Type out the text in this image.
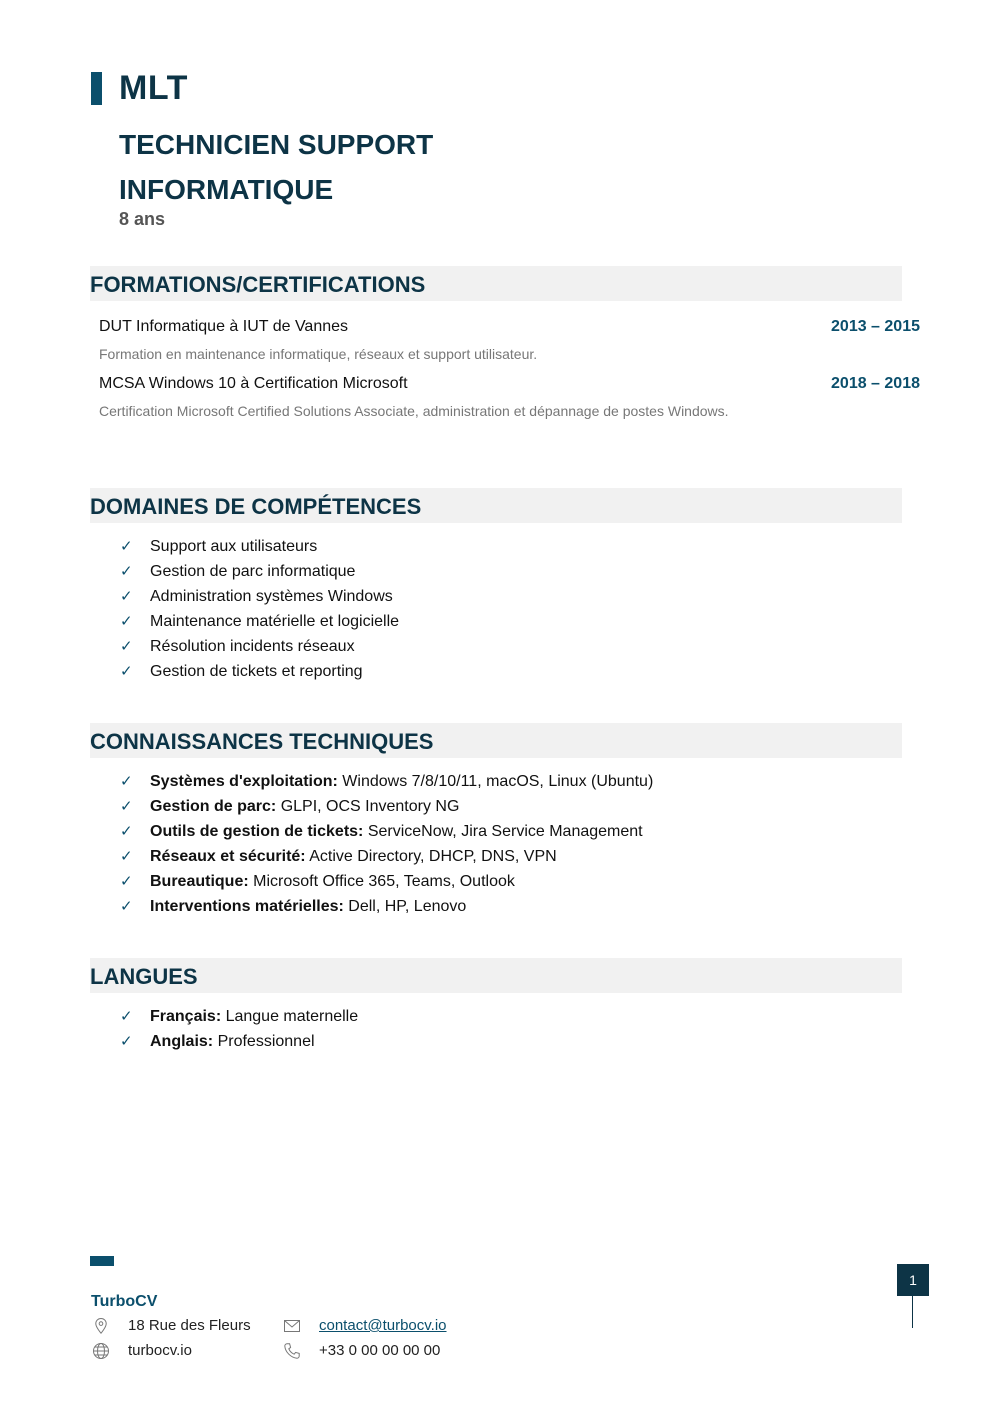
MLT
TECHNICIEN SUPPORT
INFORMATIQUE
8 ans
FORMATIONS/CERTIFICATIONS
DUT Informatique à IUT de Vannes	2013 – 2015
Formation en maintenance informatique, réseaux et support utilisateur.
MCSA Windows 10 à Certification Microsoft	2018 – 2018
Certification Microsoft Certified Solutions Associate, administration et dépannage de postes Windows.
DOMAINES DE COMPÉTENCES
✓ Support aux utilisateurs
✓ Gestion de parc informatique
✓ Administration systèmes Windows
✓ Maintenance matérielle et logicielle
✓ Résolution incidents réseaux
✓ Gestion de tickets et reporting
CONNAISSANCES TECHNIQUES
✓ Systèmes d'exploitation: Windows 7/8/10/11, macOS, Linux (Ubuntu)
✓ Gestion de parc: GLPI, OCS Inventory NG
✓ Outils de gestion de tickets: ServiceNow, Jira Service Management
✓ Réseaux et sécurité: Active Directory, DHCP, DNS, VPN
✓ Bureautique: Microsoft Office 365, Teams, Outlook
✓ Interventions matérielles: Dell, HP, Lenovo
LANGUES
✓ Français: Langue maternelle
✓ Anglais: Professionnel
TurboCV
18 Rue des Fleurs	contact@turbocv.io
turbocv.io	+33 0 00 00 00 00
1
